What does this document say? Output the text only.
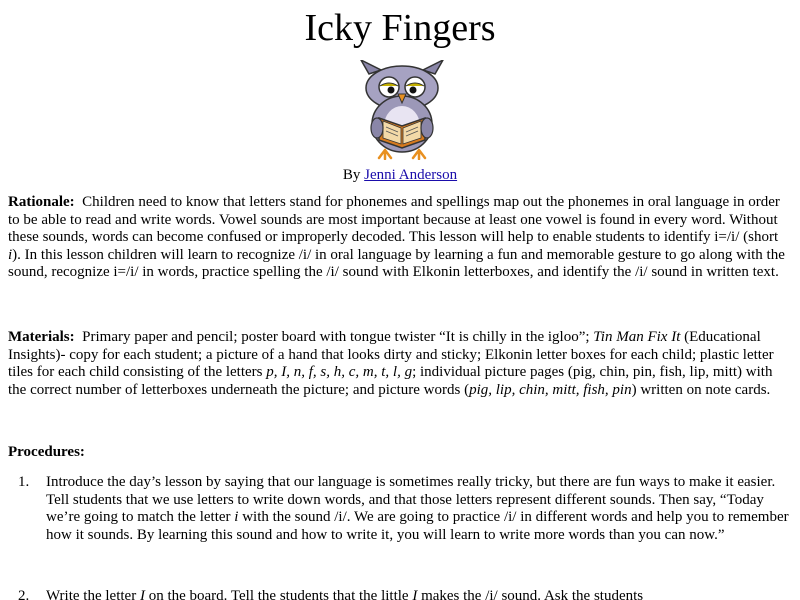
Icky Fingers
By Jenni Anderson

Rationale: Children need to know that letters stand for phonemes and spellings map out the phonemes in oral language in order to be able to read and write words. Vowel sounds are most important because at least one vowel is found in every word. Without these sounds, words can become confused or improperly decoded. This lesson will help to enable students to identify i=/i/ (short i). In this lesson children will learn to recognize /i/ in oral language by learning a fun and memorable gesture to go along with the sound, recognize i=/i/ in words, practice spelling the /i/ sound with Elkonin letterboxes, and identify the /i/ sound in written text.

Materials: Primary paper and pencil; poster board with tongue twister “It is chilly in the igloo”; Tin Man Fix It (Educational Insights)- copy for each student; a picture of a hand that looks dirty and sticky; Elkonin letter boxes for each child; plastic letter tiles for each child consisting of the letters p, I, n, f, s, h, c, m, t, l, g; individual picture pages (pig, chin, pin, fish, lip, mitt) with the correct number of letterboxes underneath the picture; and picture words (pig, lip, chin, mitt, fish, pin) written on note cards.

Procedures:

1.	Introduce the day’s lesson by saying that our language is sometimes really tricky, but there are fun ways to make it easier. Tell students that we use letters to write down words, and that those letters represent different sounds. Then say, “Today we’re going to match the letter i with the sound /i/. We are going to practice /i/ in different words and help you to remember how it sounds. By learning this sound and how to write it, you will learn to write more words than you can now.”
2.	Write the letter I on the board. Tell the students that the little I makes the /i/ sound. Ask the students
